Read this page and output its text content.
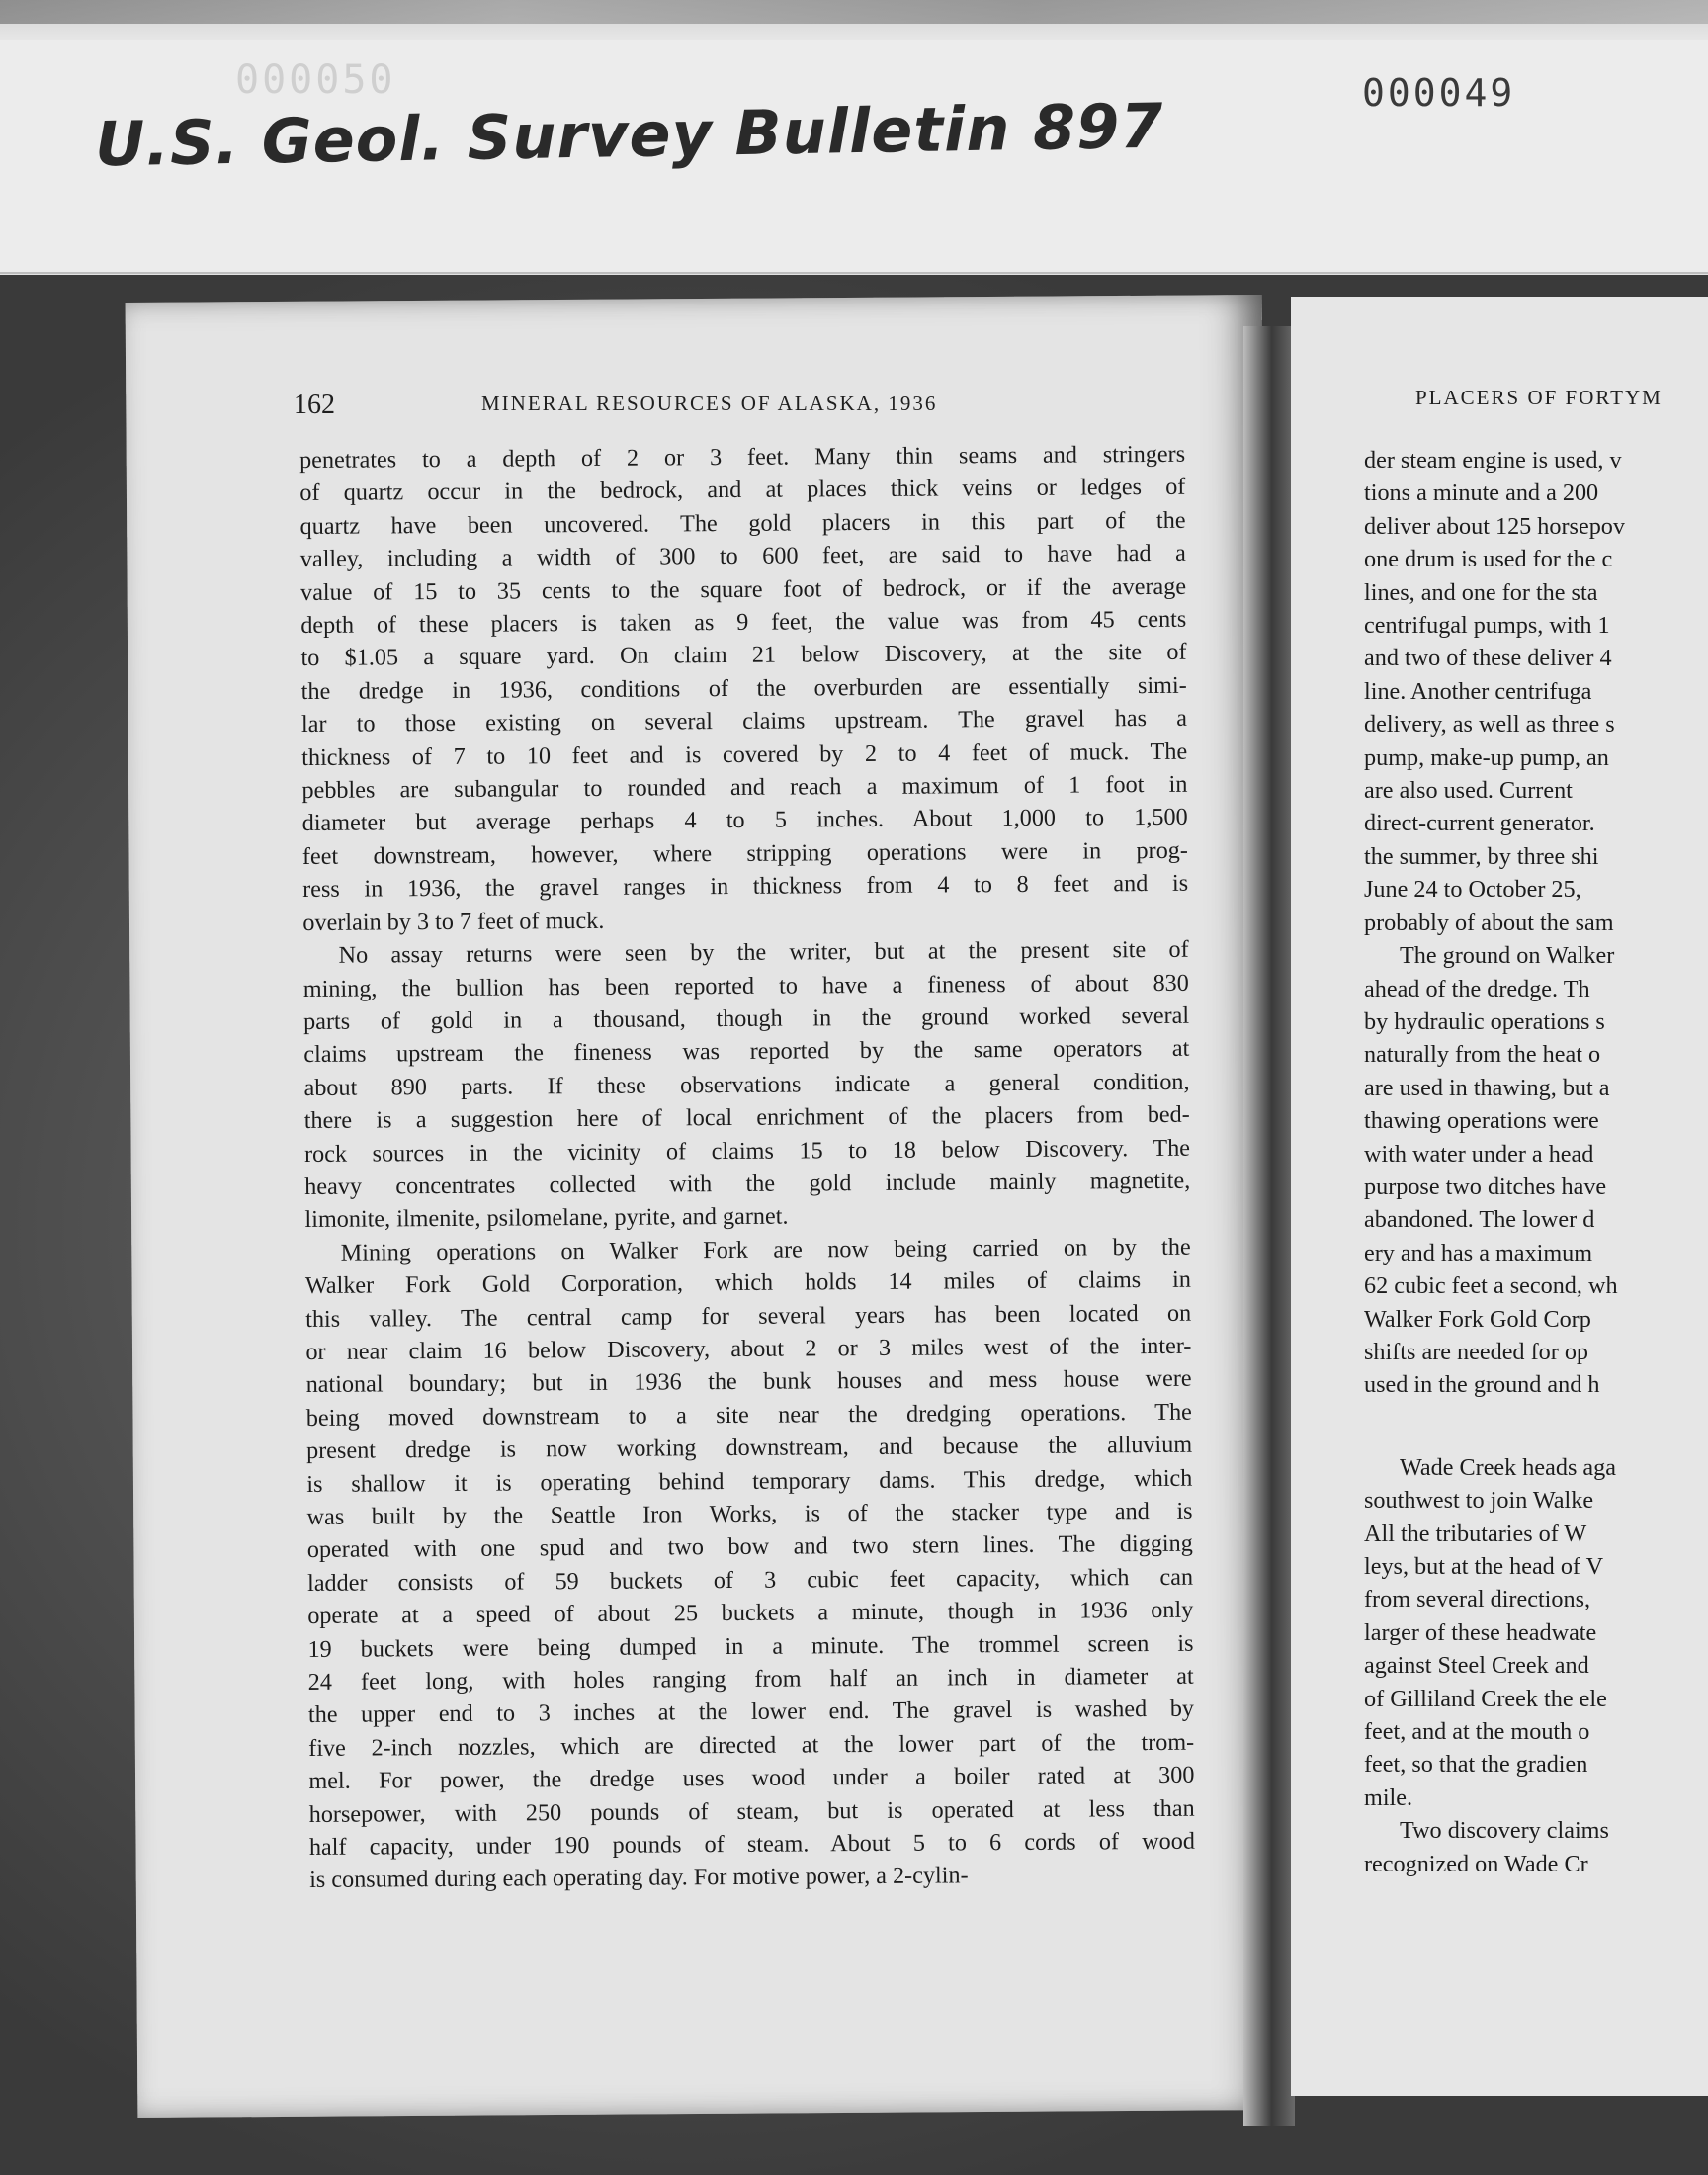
000050
U.S. Geol. Survey Bulletin 897	000049
162	MINERAL RESOURCES OF ALASKA, 1936
penetrates to a depth of 2 or 3 feet. Many thin seams and stringers
of quartz occur in the bedrock, and at places thick veins or ledges of
quartz have been uncovered. The gold placers in this part of the
valley, including a width of 300 to 600 feet, are said to have had a
value of 15 to 35 cents to the square foot of bedrock, or if the average
depth of these placers is taken as 9 feet, the value was from 45 cents
to $1.05 a square yard. On claim 21 below Discovery, at the site of
the dredge in 1936, conditions of the overburden are essentially simi-
lar to those existing on several claims upstream. The gravel has a
thickness of 7 to 10 feet and is covered by 2 to 4 feet of muck. The
pebbles are subangular to rounded and reach a maximum of 1 foot in
diameter but average perhaps 4 to 5 inches. About 1,000 to 1,500
feet downstream, however, where stripping operations were in prog-
ress in 1936, the gravel ranges in thickness from 4 to 8 feet and is
overlain by 3 to 7 feet of muck.
No assay returns were seen by the writer, but at the present site of
mining, the bullion has been reported to have a fineness of about 830
parts of gold in a thousand, though in the ground worked several
claims upstream the fineness was reported by the same operators at
about 890 parts. If these observations indicate a general condition,
there is a suggestion here of local enrichment of the placers from bed-
rock sources in the vicinity of claims 15 to 18 below Discovery. The
heavy concentrates collected with the gold include mainly magnetite,
limonite, ilmenite, psilomelane, pyrite, and garnet.
Mining operations on Walker Fork are now being carried on by the
Walker Fork Gold Corporation, which holds 14 miles of claims in
this valley. The central camp for several years has been located on
or near claim 16 below Discovery, about 2 or 3 miles west of the inter-
national boundary; but in 1936 the bunk houses and mess house were
being moved downstream to a site near the dredging operations. The
present dredge is now working downstream, and because the alluvium
is shallow it is operating behind temporary dams. This dredge, which
was built by the Seattle Iron Works, is of the stacker type and is
operated with one spud and two bow and two stern lines. The digging
ladder consists of 59 buckets of 3 cubic feet capacity, which can
operate at a speed of about 25 buckets a minute, though in 1936 only
19 buckets were being dumped in a minute. The trommel screen is
24 feet long, with holes ranging from half an inch in diameter at
the upper end to 3 inches at the lower end. The gravel is washed by
five 2-inch nozzles, which are directed at the lower part of the trom-
mel. For power, the dredge uses wood under a boiler rated at 300
horsepower, with 250 pounds of steam, but is operated at less than
half capacity, under 190 pounds of steam. About 5 to 6 cords of wood
is consumed during each operating day. For motive power, a 2-cylin-
PLACERS OF FORTYM
der steam engine is used, v
tions a minute and a 200
deliver about 125 horsepov
one drum is used for the c
lines, and one for the sta
centrifugal pumps, with 1
and two of these deliver 4
line. Another centrifuga
delivery, as well as three s
pump, make-up pump, an
are also used. Current
direct-current generator.
the summer, by three shi
June 24 to October 25,
probably of about the sam
The ground on Walker
ahead of the dredge. Th
by hydraulic operations s
naturally from the heat o
are used in thawing, but a
thawing operations were
with water under a head
purpose two ditches have
abandoned. The lower d
ery and has a maximum
62 cubic feet a second, wh
Walker Fork Gold Corp
shifts are needed for op
used in the ground and h
Wade Creek heads aga
southwest to join Walke
All the tributaries of W
leys, but at the head of V
from several directions,
larger of these headwate
against Steel Creek and
of Gilliland Creek the ele
feet, and at the mouth o
feet, so that the gradien
mile.
Two discovery claims
recognized on Wade Cr
